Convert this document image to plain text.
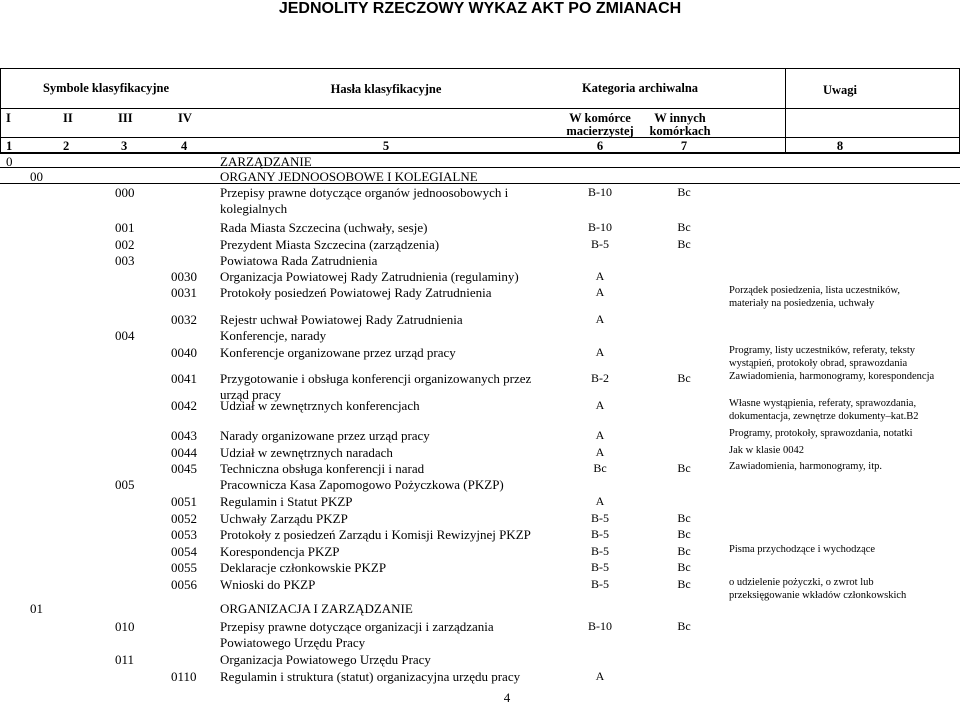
JEDNOLITY RZECZOWY WYKAZ AKT PO ZMIANACH
Symbole klasyfikacyjne	Hasła klasyfikacyjne	Kategoria archiwalna	Uwagi
I	II	III	IV	W komórce
macierzystej
W innych
komórkach
1	2	3	4	5	6	7	8
0	ZARZĄDZANIE
00	ORGANY JEDNOOSOBOWE I KOLEGIALNE
000	Przepisy prawne dotyczące organów jednoosobowych i
kolegialnych
B-10	Bc
001	Rada Miasta Szczecina (uchwały, sesje)	B-10	Bc
002	Prezydent Miasta Szczecina (zarządzenia)	B-5	Bc
003	Powiatowa Rada Zatrudnienia
0030 Organizacja Powiatowej Rady Zatrudnienia (regulaminy)	A
0031 Protokoły posiedzeń Powiatowej Rady Zatrudnienia	A	Porządek posiedzenia, lista uczestników,
materiały na posiedzenia, uchwały
0032 Rejestr uchwał Powiatowej Rady Zatrudnienia	A
004	Konferencje, narady
0040 Konferencje organizowane przez urząd pracy	A	Programy, listy uczestników, referaty, teksty
wystąpień, protokoły obrad, sprawozdania
0041 Przygotowanie i obsługa konferencji organizowanych przez
urząd pracy
B-2	Bc	Zawiadomienia, harmonogramy, korespondencja
0042 Udział w zewnętrznych konferencjach	A	Własne wystąpienia, referaty, sprawozdania,
dokumentacja, zewnętrze dokumenty–kat.B2
0043 Narady organizowane przez urząd pracy	A	Programy, protokoły, sprawozdania, notatki
0044 Udział w zewnętrznych naradach	A	Jak w klasie 0042
0045 Techniczna obsługa konferencji i narad	Bc	Bc	Zawiadomienia, harmonogramy, itp.
005	Pracownicza Kasa Zapomogowo Pożyczkowa (PKZP)
0051 Regulamin i Statut PKZP	A
0052 Uchwały Zarządu PKZP	B-5	Bc
0053 Protokoły z posiedzeń Zarządu i Komisji Rewizyjnej PKZP	B-5	Bc
0054 Korespondencja PKZP	B-5	Bc	Pisma przychodzące i wychodzące
0055 Deklaracje członkowskie PKZP	B-5	Bc
0056 Wnioski do PKZP	B-5	Bc	o udzielenie pożyczki, o zwrot lub
przeksięgowanie wkładów członkowskich
01	ORGANIZACJA I ZARZĄDZANIE
010	Przepisy prawne dotyczące organizacji i zarządzania
Powiatowego Urzędu Pracy
B-10	Bc
011	Organizacja Powiatowego Urzędu Pracy
0110 Regulamin i struktura (statut) organizacyjna urzędu pracy	A
4
